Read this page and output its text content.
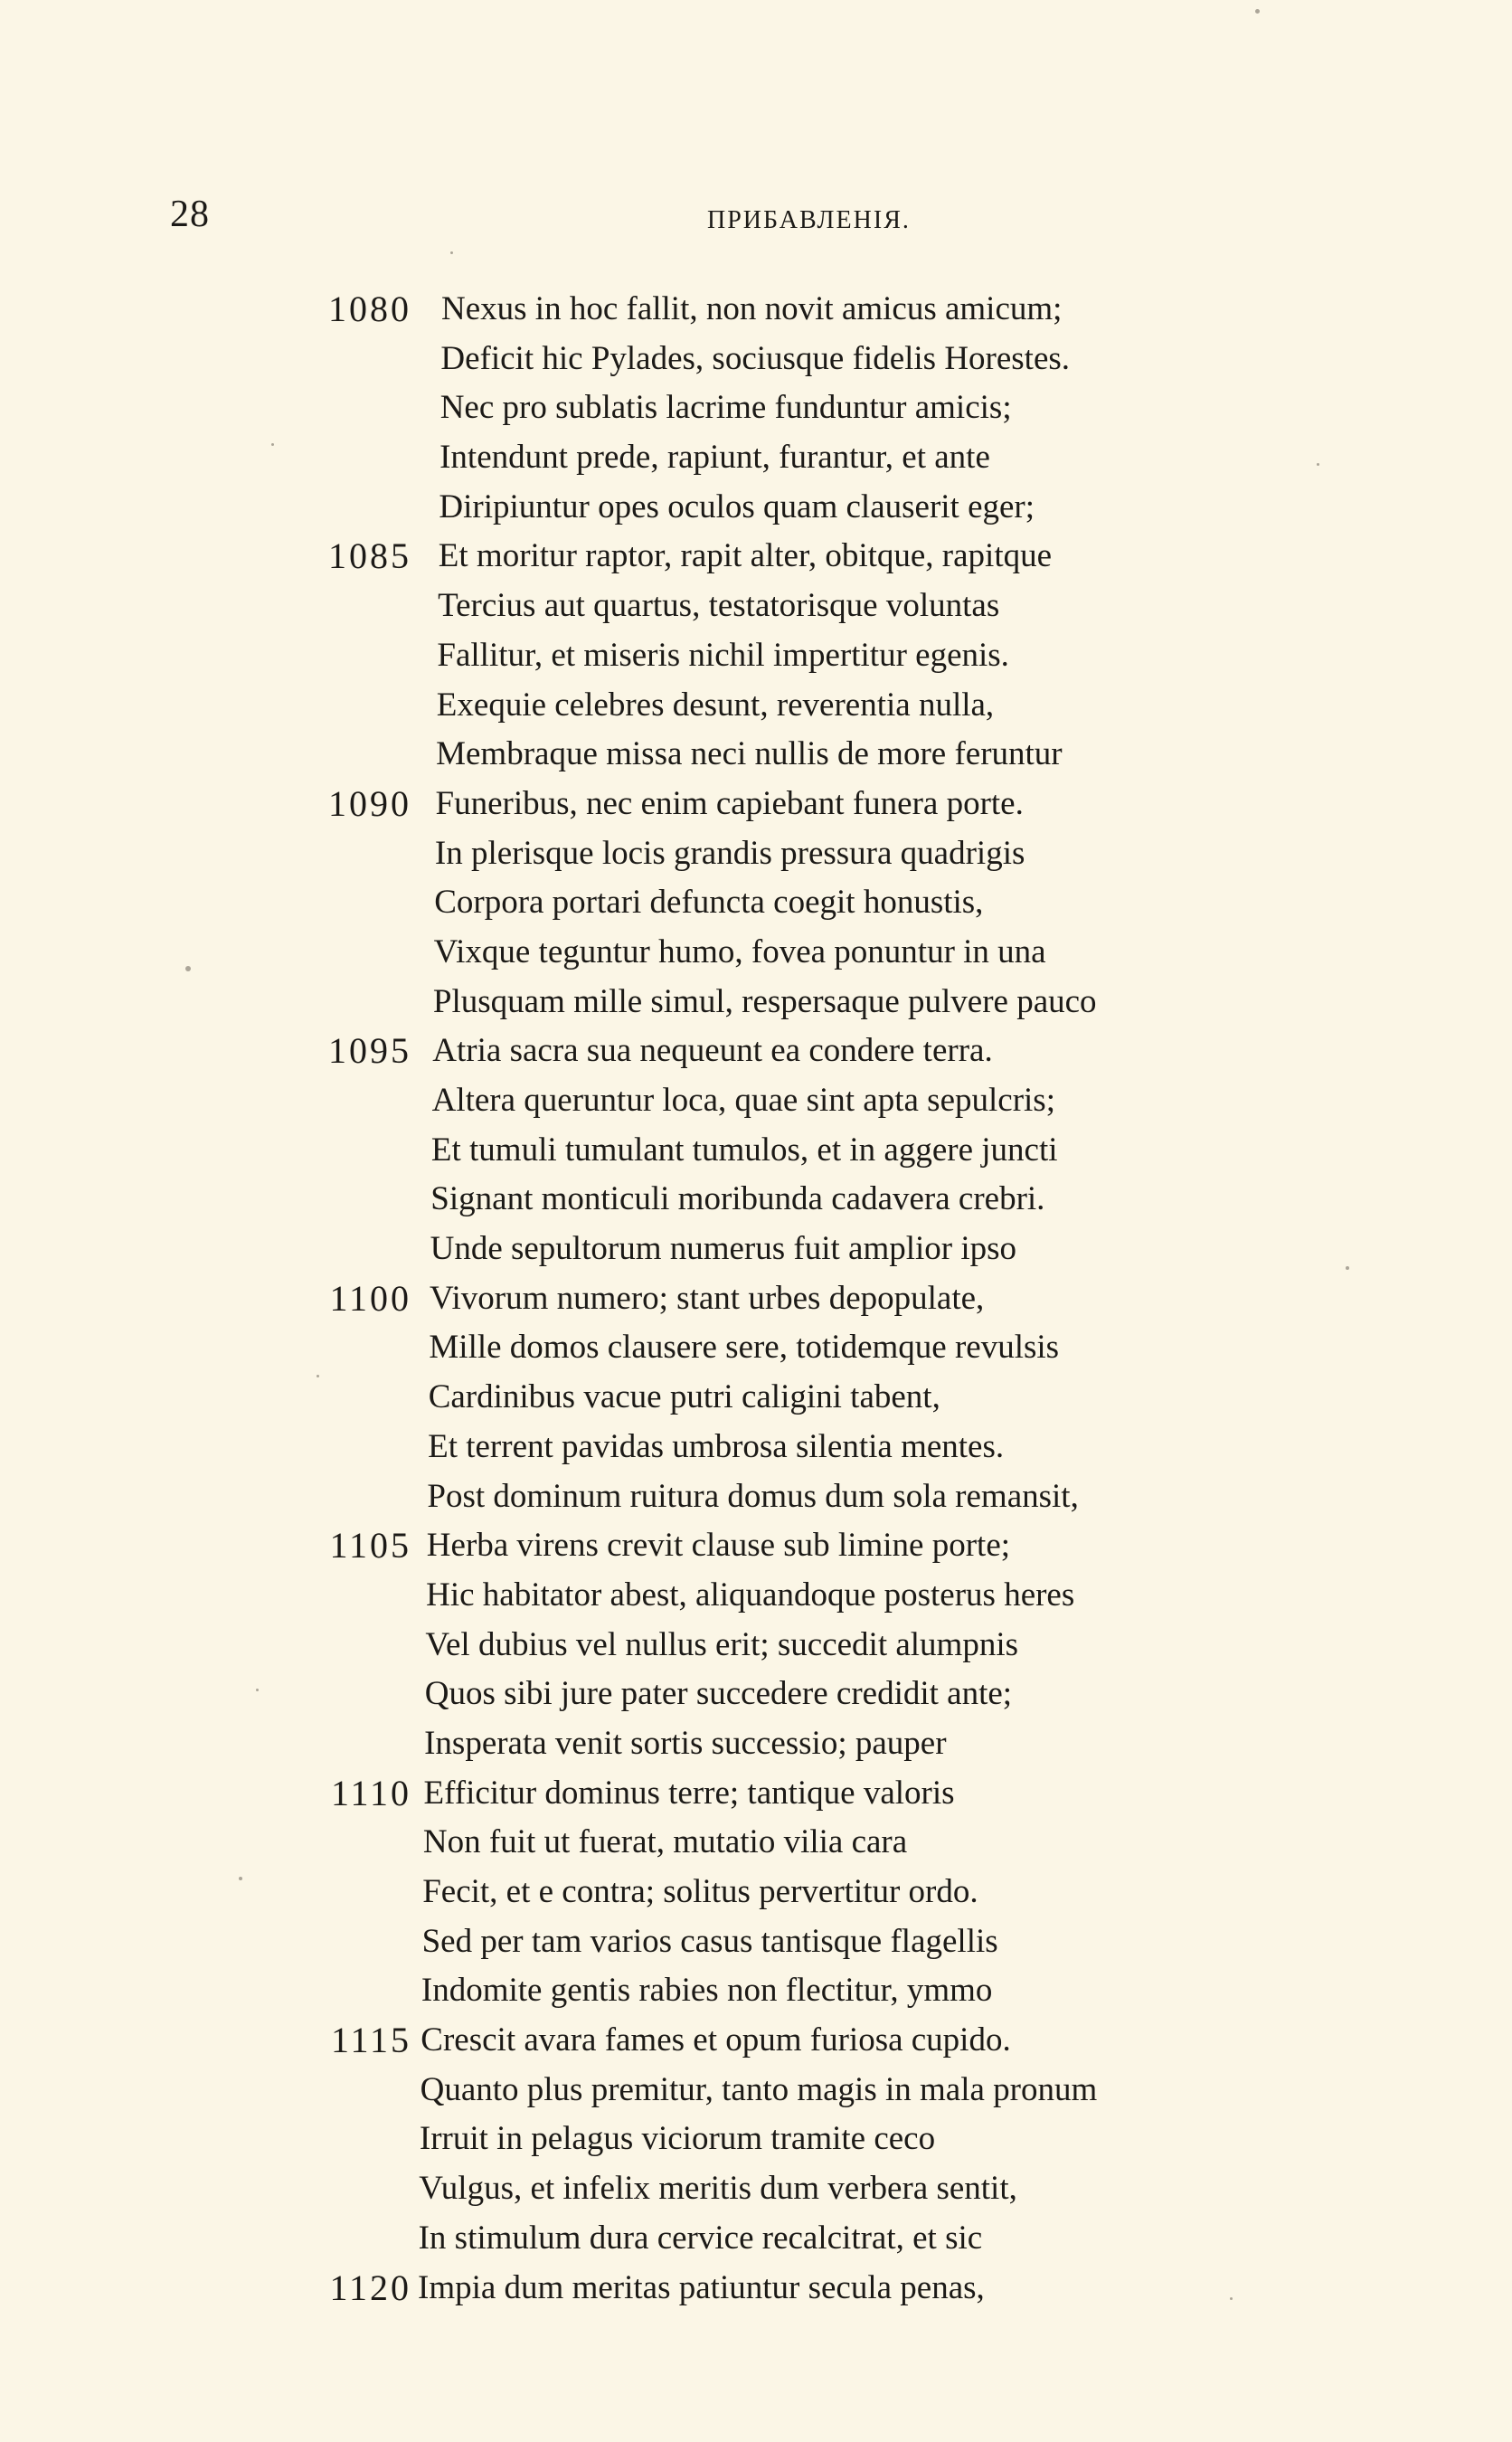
28	ПРИБАВЛЕНІЯ.
1080 Nexus in hoc fallit, non novit amicus amicum;
Deficit hic Pylades, sociusque fidelis Horestes.
Nec pro sublatis lacrime funduntur amicis;
Intendunt prede, rapiunt, furantur, et ante
Diripiuntur opes oculos quam clauserit eger;
1085 Et moritur raptor, rapit alter, obitque, rapitque
Tercius aut quartus, testatorisque voluntas
Fallitur, et miseris nichil impertitur egenis.
Exequie celebres desunt, reverentia nulla,
Membraque missa neci nullis de more feruntur
1090 Funeribus, nec enim capiebant funera porte.
In plerisque locis grandis pressura quadrigis
Corpora portari defuncta coegit honustis,
Vixque teguntur humo, fovea ponuntur in una
Plusquam mille simul, respersaque pulvere pauco
1095 Atria sacra sua nequeunt ea condere terra.
Altera queruntur loca, quae sint apta sepulcris;
Et tumuli tumulant tumulos, et in aggere juncti
Signant monticuli moribunda cadavera crebri.
Unde sepultorum numerus fuit amplior ipso
1100 Vivorum numero; stant urbes depopulate,
Mille domos clausere sere, totidemque revulsis
Cardinibus vacue putri caligini tabent,
Et terrent pavidas umbrosa silentia mentes.
Post dominum ruitura domus dum sola remansit,
1105 Herba virens crevit clause sub limine porte;
Hic habitator abest, aliquandoque posterus heres
Vel dubius vel nullus erit; succedit alumpnis
Quos sibi jure pater succedere credidit ante;
Insperata venit sortis successio; pauper
1110 Efficitur dominus terre; tantique valoris
Non fuit ut fuerat, mutatio vilia cara
Fecit, et e contra; solitus pervertitur ordo.
Sed per tam varios casus tantisque flagellis
Indomite gentis rabies non flectitur, ymmo
1115 Crescit avara fames et opum furiosa cupido.
Quanto plus premitur, tanto magis in mala pronum
Irruit in pelagus viciorum tramite ceco
Vulgus, et infelix meritis dum verbera sentit,
In stimulum dura cervice recalcitrat, et sic
1120 Impia dum meritas patiuntur secula penas,
